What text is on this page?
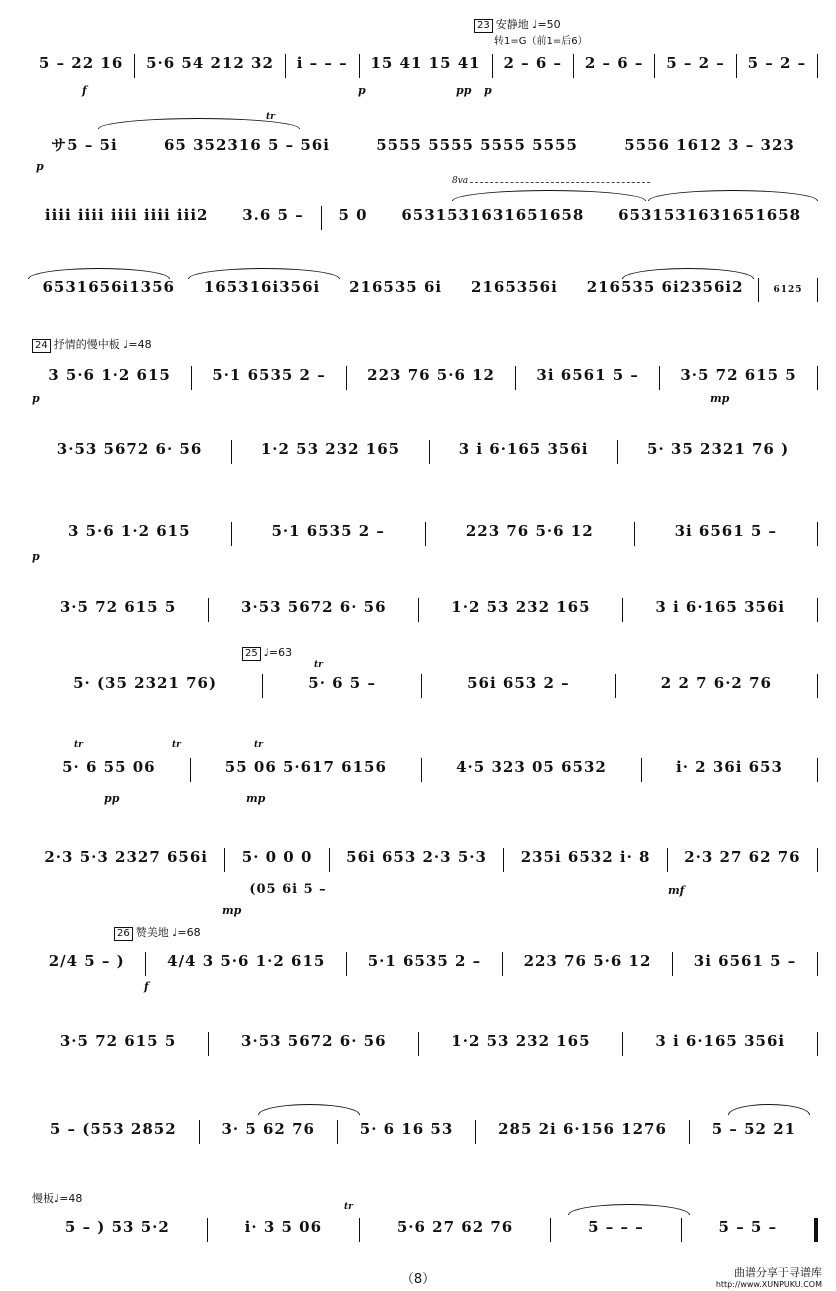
23 安静地 ♩=50
转1=G（前1=后6）
5 – 22 16	5·6 54 212 32	i – – –	15 41 15 41	2 – 6 –	2 – 6 –	5 – 2 –	5 – 2 –
f	p	pp p
tr
サ5 – 5i	65 352316 5 – 56i	5555 5555 5555 5555	5556 1612 3 – 323
p
8va
iiii iiii iiii iiii iii2	3.6 5 –	5 0	6531531631651658	6531531631651658
6531656i1356	165316i356i	216535 6i	2165356i	216535 6i2356i2	6125
24 抒情的慢中板 ♩=48
3 5·6 1·2 615	5·1 6535 2 –	223 76 5·6 12	3i 6561 5 –	3·5 72 615 5
p	mp
3·53 5672 6· 56	1·2 53 232 165	3 i 6·165 356i	5· 35 2321 76 )
3 5·6 1·2 615	5·1 6535 2 –	223 76 5·6 12	3i 6561 5 –
p
3·5 72 615 5	3·53 5672 6· 56	1·2 53 232 165	3 i 6·165 356i
25 ♩=63
5· (35 2321 76)	5· 6 5 –	56i 653 2 –	2 2 7 6·2 76
tr
tr	tr	tr
5· 6 55 06	55 06 5·617 6156	4·5 323 05 6532	i· 2 36i 653
pp	mp
2·3 5·3 2327 656i	5· 0 0 0	56i 653 2·3 5·3	235i 6532 i· 8	2·3 27 62 76
(05 6i 5 –
mp
mf
26 赞美地 ♩=68
2/4 5 – )	4/4 3 5·6 1·2 615	5·1 6535 2 –	223 76 5·6 12	3i 6561 5 –
f
3·5 72 615 5	3·53 5672 6· 56	1·2 53 232 165	3 i 6·165 356i
5 – (553 2852	3· 5 62 76	5· 6 16 53	285 2i 6·156 1276	5 – 52 21
慢板♩=48
5 – ) 53 5·2	i· 3 5 06	5·6 27 62 76	5 – – –	5 – 5 –
tr
（8）	曲谱分享于寻谱库
http://www.XUNPUKU.COM
